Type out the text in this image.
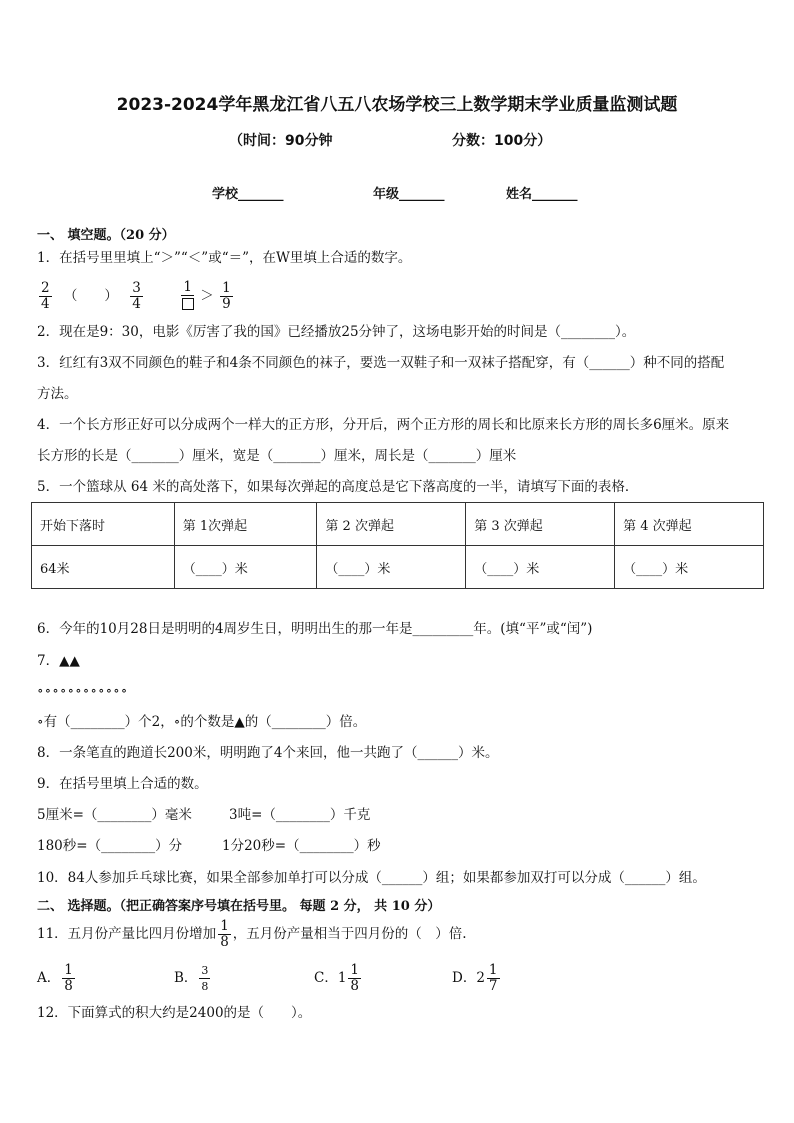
2023-2024学年黑龙江省八五八农场学校三上数学期末学业质量监测试题
（时间：90分钟	分数：100分）
学校_______	年级_______	姓名_______
一、 填空题。（20 分）
1．在括号里里填上“＞”“＜”或“＝”，在W里填上合适的数字。
$\frac{2}{4}$ （　　） $\frac{3}{4}$
	1
＞ $\frac{1}{9}$
2．现在是9：30，电影《厉害了我的国》已经播放25分钟了，这场电影开始的时间是（________）。
3．红红有3双不同颜色的鞋子和4条不同颜色的袜子，要选一双鞋子和一双袜子搭配穿，有（______）种不同的搭配
方法。
4．一个长方形正好可以分成两个一样大的正方形，分开后，两个正方形的周长和比原来长方形的周长多6厘米。原来
长方形的长是（_______）厘米，宽是（_______）厘米，周长是（_______）厘米
5．一个篮球从 64 米的高处落下，如果每次弹起的高度总是它下落高度的一半，请填写下面的表格．
开始下落时	第 1次弹起	第 2 次弹起	第 3 次弹起	第 4 次弹起
64米	（____）米	（____）米	（____）米	（____）米
6．今年的10月28日是明明的4周岁生日，明明出生的那一年是_________年。(填“平”或“闰”)
7．▲▲
∘∘∘∘∘∘∘∘∘∘∘∘
∘有（________）个2，∘的个数是▲的（________）倍。
8．一条笔直的跑道长200米，明明跑了4个来回，他一共跑了（______）米。
9．在括号里填上合适的数。
5厘米=（________）毫米	3吨=（________）千克
180秒=（________）分	1分20秒=（________）秒
10．84人参加乒乓球比赛，如果全部参加单打可以分成（______）组；如果都参加双打可以分成（______）组。
二、 选择题。（把正确答案序号填在括号里。 每题 2 分， 共 10 分）
11．五月份产量比四月份增加 $\frac{1}{8}$ ，五月份产量相当于四月份的（　）倍.
A． $\frac{1}{8}$	B． $\frac{3}{8}$	C．$1 \frac{1}{8}$	D．$2 \frac{1}{7}$
12．下面算式的积大约是2400的是（　　）。
